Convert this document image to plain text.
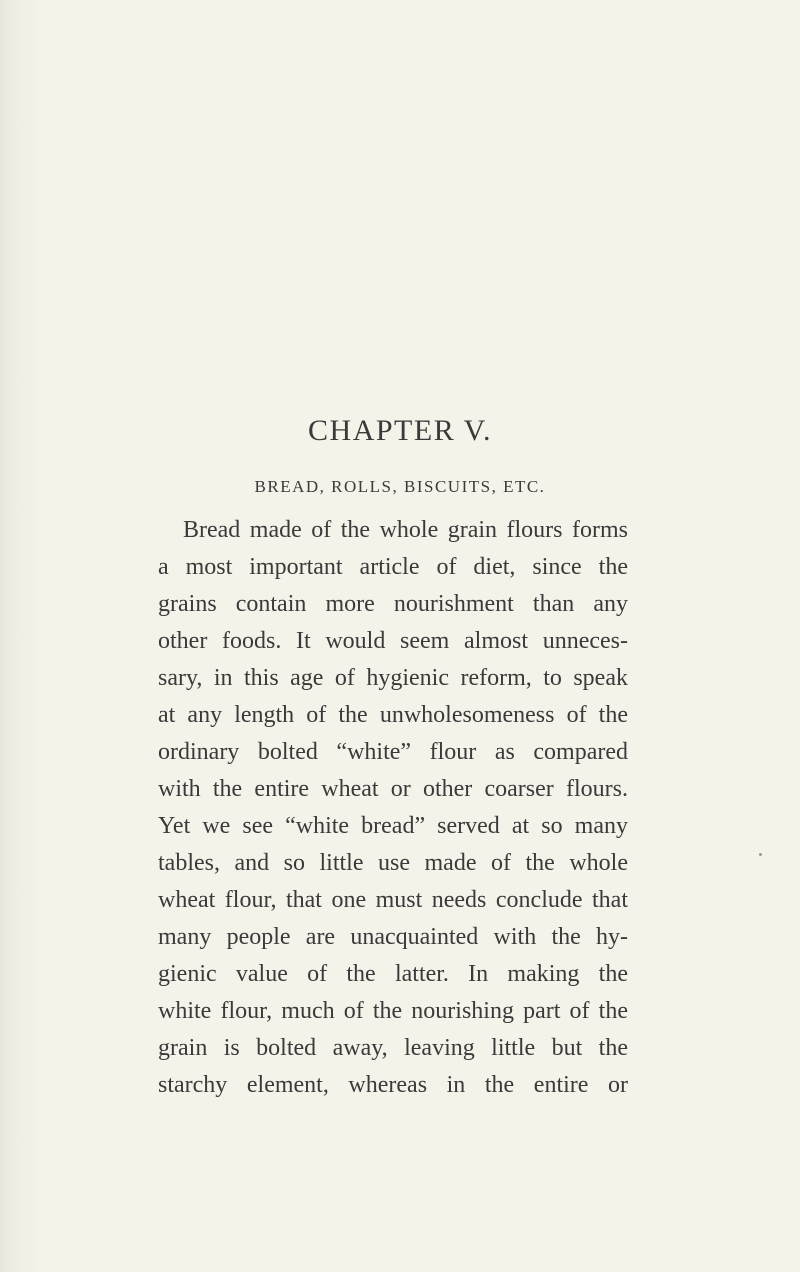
CHAPTER V.
BREAD, ROLLS, BISCUITS, ETC.
Bread made of the whole grain flours forms
a most important article of diet, since the
grains contain more nourishment than any
other foods. It would seem almost unneces-
sary, in this age of hygienic reform, to speak
at any length of the unwholesomeness of the
ordinary bolted “white” flour as compared
with the entire wheat or other coarser flours.
Yet we see “white bread” served at so many
tables, and so little use made of the whole
wheat flour, that one must needs conclude that
many people are unacquainted with the hy-
gienic value of the latter. In making the
white flour, much of the nourishing part of the
grain is bolted away, leaving little but the
starchy element, whereas in the entire or
